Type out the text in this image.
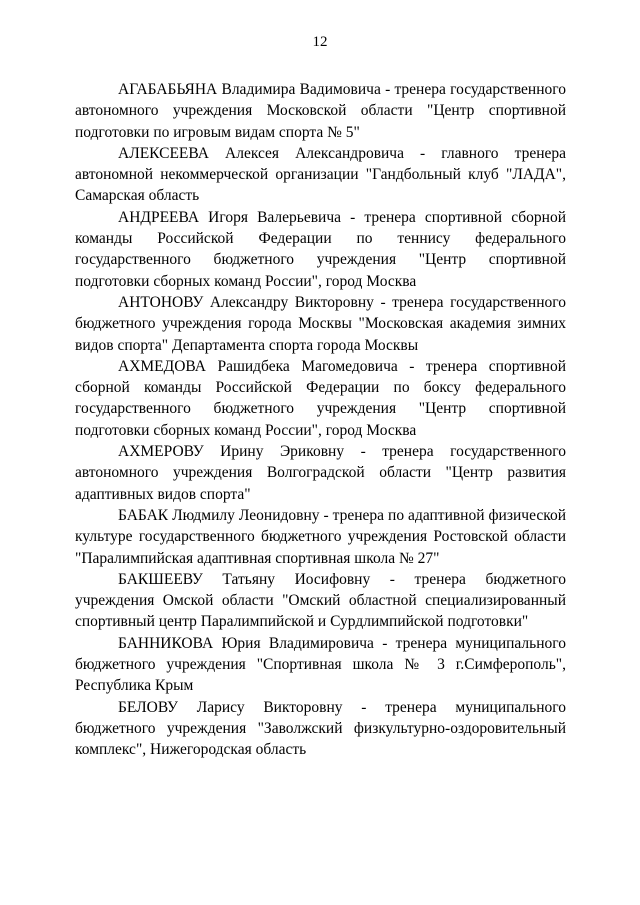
12

АГАБАБЬЯНА Владимира Вадимовича - тренера государственного автономного учреждения Московской области "Центр спортивной подготовки по игровым видам спорта № 5"

АЛЕКСЕЕВА Алексея Александровича - главного тренера автономной некоммерческой организации "Гандбольный клуб "ЛАДА", Самарская область

АНДРЕЕВА Игоря Валерьевича - тренера спортивной сборной команды Российской Федерации по теннису федерального государственного бюджетного учреждения "Центр спортивной подготовки сборных команд России", город Москва

АНТОНОВУ Александру Викторовну - тренера государственного бюджетного учреждения города Москвы "Московская академия зимних видов спорта" Департамента спорта города Москвы

АХМЕДОВА Рашидбека Магомедовича - тренера спортивной сборной команды Российской Федерации по боксу федерального государственного бюджетного учреждения "Центр спортивной подготовки сборных команд России", город Москва

АХМЕРОВУ Ирину Эриковну - тренера государственного автономного учреждения Волгоградской области "Центр развития адаптивных видов спорта"

БАБАК Людмилу Леонидовну - тренера по адаптивной физической культуре государственного бюджетного учреждения Ростовской области "Паралимпийская адаптивная спортивная школа № 27"

БАКШЕЕВУ Татьяну Иосифовну - тренера бюджетного учреждения Омской области "Омский областной специализированный спортивный центр Паралимпийской и Сурдлимпийской подготовки"

БАННИКОВА Юрия Владимировича - тренера муниципального бюджетного учреждения "Спортивная школа № 3 г.Симферополь", Республика Крым

БЕЛОВУ Ларису Викторовну - тренера муниципального бюджетного учреждения "Заволжский физкультурно-оздоровительный комплекс", Нижегородская область
